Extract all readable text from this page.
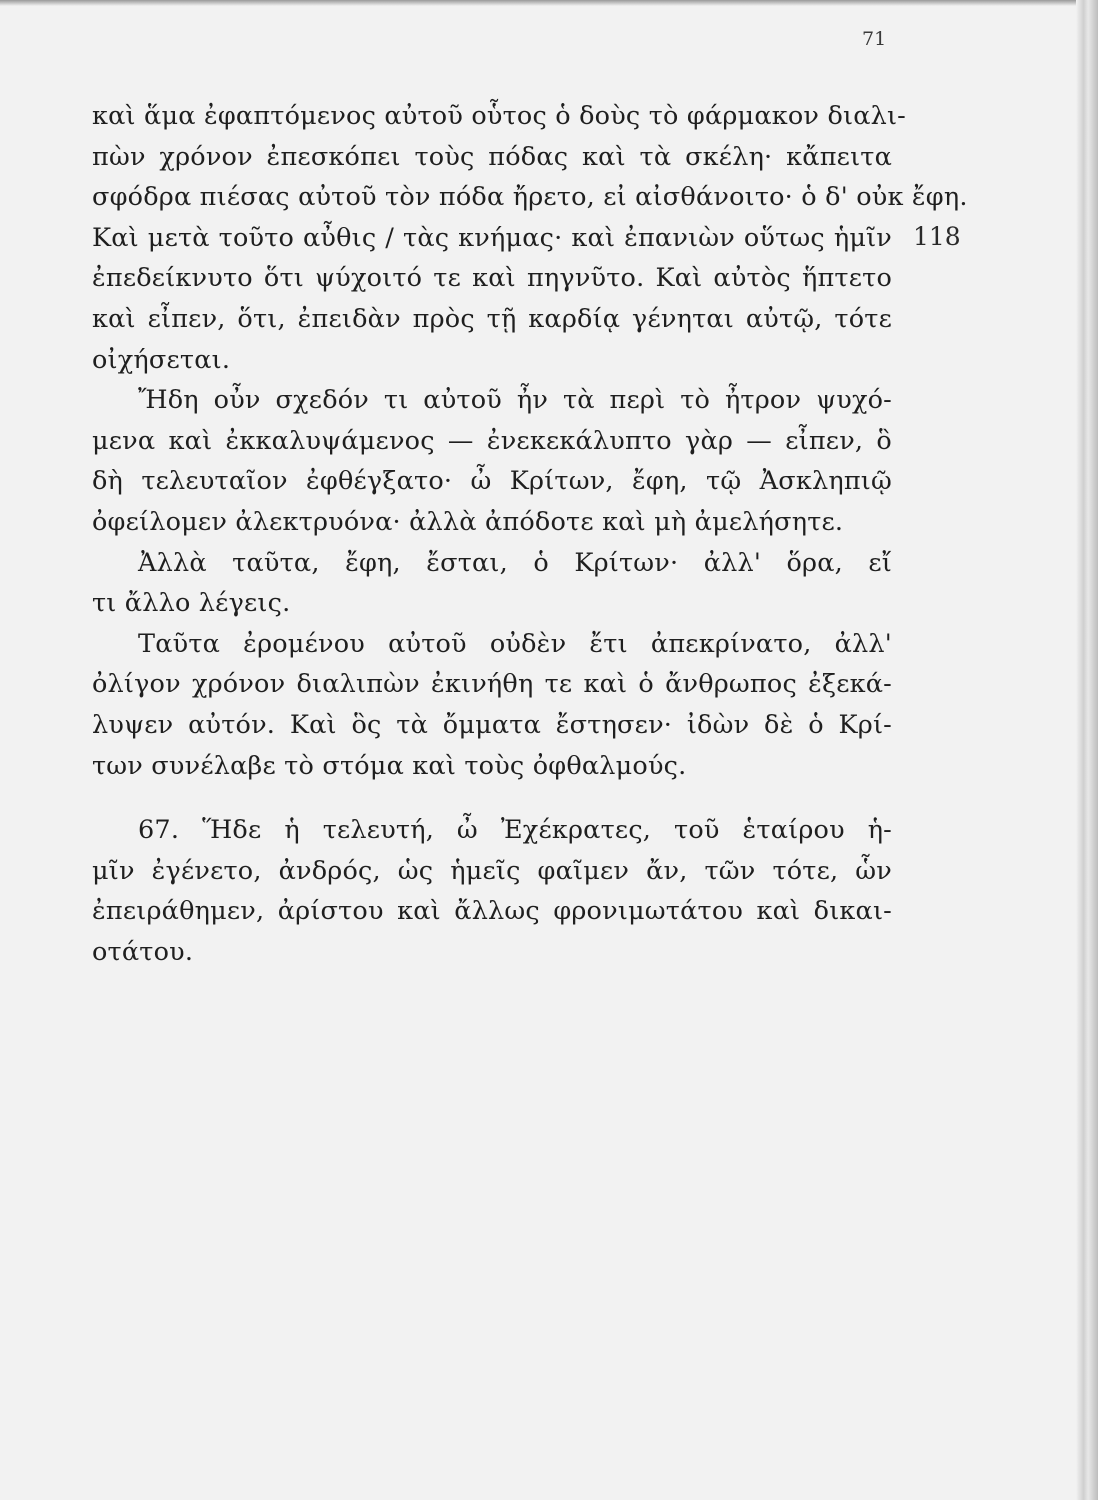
71
118
καὶ ἅμα ἐφαπτόμενος αὐτοῦ οὗτος ὁ δοὺς τὸ φάρμακον διαλι-
πὼν χρόνον ἐπεσκόπει τοὺς πόδας καὶ τὰ σκέλη· κἄπειτα
σφόδρα πιέσας αὐτοῦ τὸν πόδα ἤρετο, εἰ αἰσθάνοιτο· ὁ δ' οὐκ ἔφη.
Καὶ μετὰ τοῦτο αὖθις / τὰς κνήμας· καὶ ἐπανιὼν οὕτως ἡμῖν
ἐπεδείκνυτο ὅτι ψύχοιτό τε καὶ πηγνῦτο. Καὶ αὐτὸς ἥπτετο
καὶ εἶπεν, ὅτι, ἐπειδὰν πρὸς τῇ καρδίᾳ γένηται αὐτῷ, τότε
οἰχήσεται.
Ἤδη οὖν σχεδόν τι αὐτοῦ ἦν τὰ περὶ τὸ ἦτρον ψυχό-
μενα καὶ ἐκκαλυψάμενος — ἐνεκεκάλυπτο γὰρ — εἶπεν, ὃ
δὴ τελευταῖον ἐφθέγξατο· ὦ Κρίτων, ἔφη, τῷ Ἀσκληπιῷ
ὀφείλομεν ἀλεκτρυόνα· ἀλλὰ ἀπόδοτε καὶ μὴ ἀμελήσητε.
Ἀλλὰ ταῦτα, ἔφη, ἔσται, ὁ Κρίτων· ἀλλ' ὅρα, εἴ
τι ἄλλο λέγεις.
Ταῦτα ἐρομένου αὐτοῦ οὐδὲν ἔτι ἀπεκρίνατο, ἀλλ'
ὀλίγον χρόνον διαλιπὼν ἐκινήθη τε καὶ ὁ ἄνθρωπος ἐξεκά-
λυψεν αὐτόν. Καὶ ὃς τὰ ὄμματα ἔστησεν· ἰδὼν δὲ ὁ Κρί-
των συνέλαβε τὸ στόμα καὶ τοὺς ὀφθαλμούς.
67. Ἥδε ἡ τελευτή, ὦ Ἐχέκρατες, τοῦ ἑταίρου ἡ-
μῖν ἐγένετο, ἀνδρός, ὡς ἡμεῖς φαῖμεν ἄν, τῶν τότε, ὧν
ἐπειράθημεν, ἀρίστου καὶ ἄλλως φρονιμωτάτου καὶ δικαι-
οτάτου.
